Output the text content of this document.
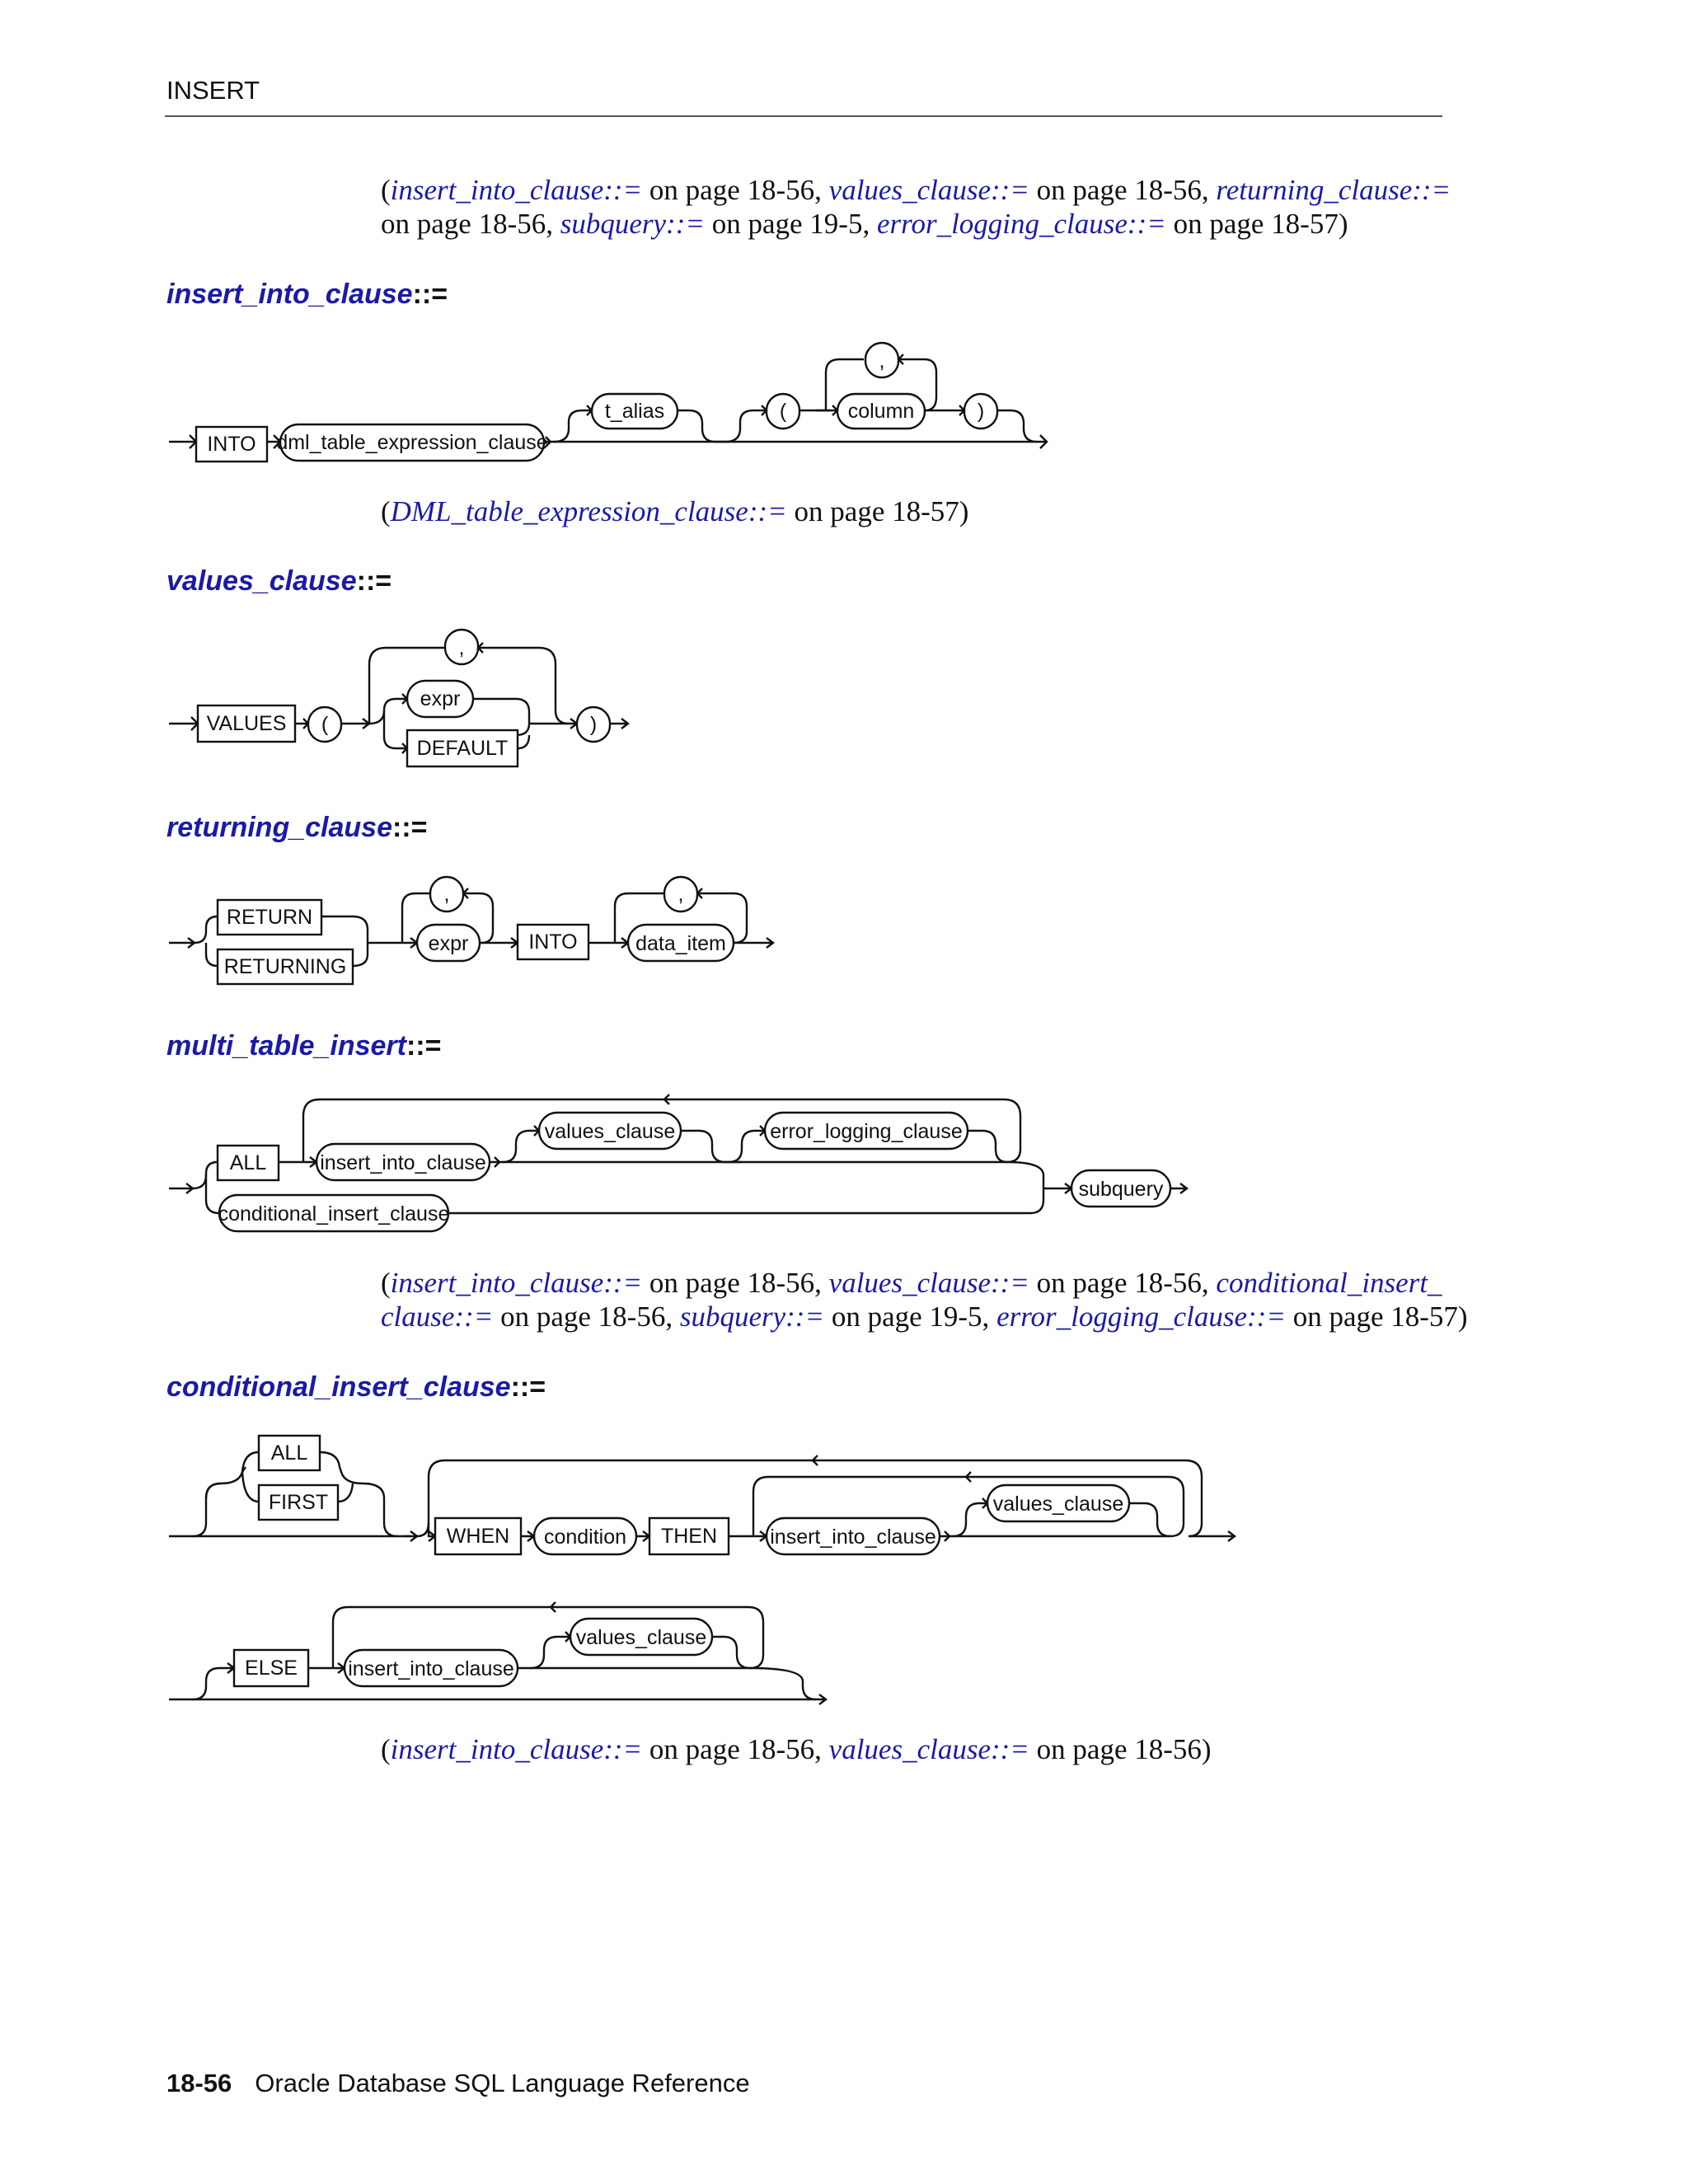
INSERT
(insert_into_clause::= on page 18-56, values_clause::= on page 18-56, returning_clause::= on page 18-56, subquery::= on page 19-5, error_logging_clause::= on page 18-57)
insert_into_clause::=
INTO dml_table_expression_clause
t_alias	(	column
,
)
(DML_table_expression_clause::= on page 18-57)
values_clause::=
VALUES (
,
expr
DEFAULT
)
returning_clause::=
RETURN
RETURNING
,
expr	INTO
,
data_item
multi_table_insert::=
ALL	insert_into_clause
values_clause	error_logging_clause
conditional_insert_clause
subquery
(insert_into_clause::= on page 18-56, values_clause::= on page 18-56, conditional_insert_ clause::= on page 18-56, subquery::= on page 19-5, error_logging_clause::= on page 18-57)
conditional_insert_clause::=
ALL
FIRST
WHEN condition THEN	insert_into_clause
values_clause
ELSE insert_into_clause
values_clause
(insert_into_clause::= on page 18-56, values_clause::= on page 18-56)
18-56 Oracle Database SQL Language Reference
